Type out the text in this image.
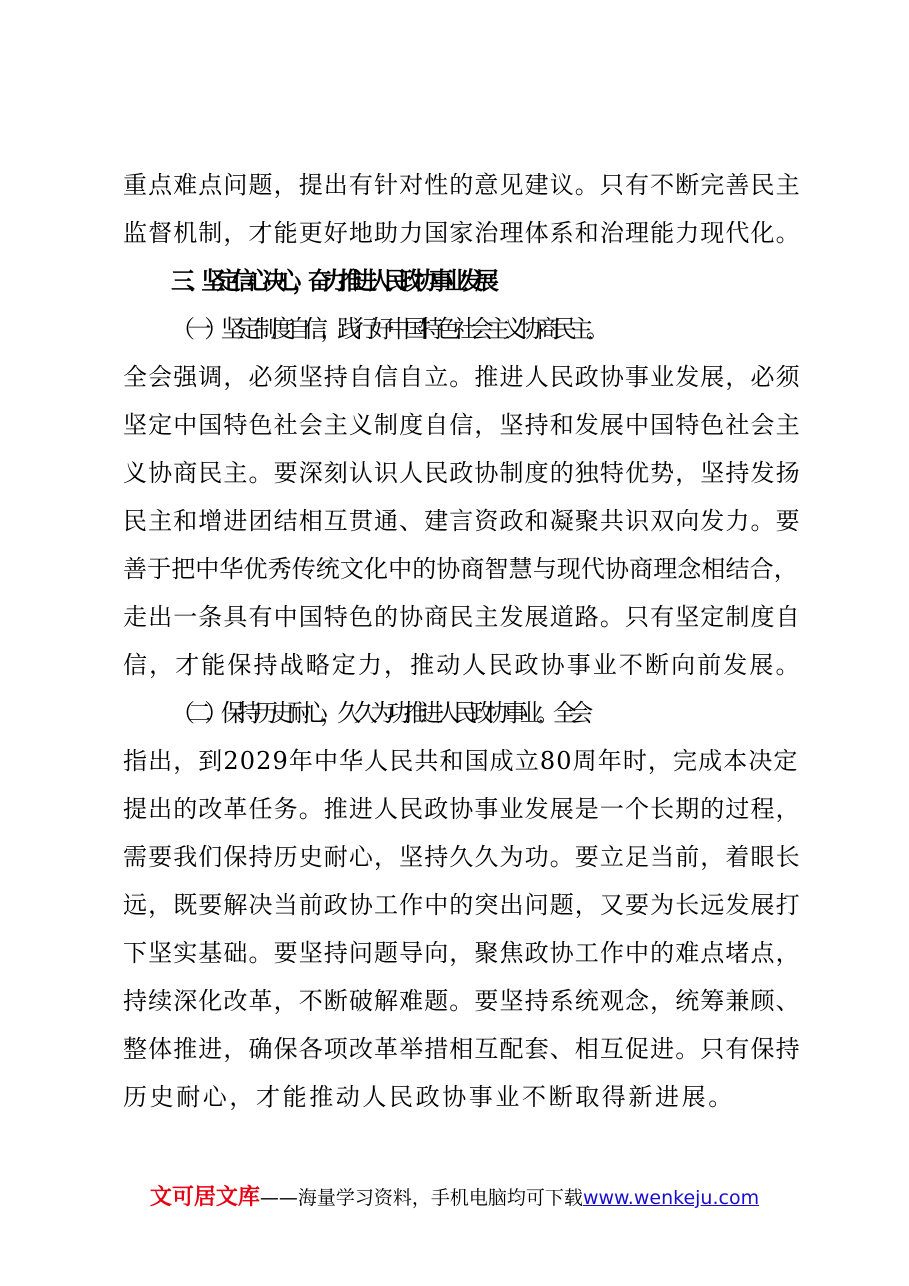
重点难点问题，提出有针对性的意见建议。只有不断完善民主
监督机制，才能更好地助力国家治理体系和治理能力现代化。
三、坚定信心决心，奋力推进人民政协事业发展
（一）坚定制度自信，践行好中国特色社会主义协商民主。
全会强调，必须坚持自信自立。推进人民政协事业发展，必须
坚定中国特色社会主义制度自信，坚持和发展中国特色社会主
义协商民主。要深刻认识人民政协制度的独特优势，坚持发扬
民主和增进团结相互贯通、建言资政和凝聚共识双向发力。要
善于把中华优秀传统文化中的协商智慧与现代协商理念相结合，
走出一条具有中国特色的协商民主发展道路。只有坚定制度自
信，才能保持战略定力，推动人民政协事业不断向前发展。
（二）保持历史耐心，久久为功推进人民政协事业。全会
指出，到2029年中华人民共和国成立80周年时，完成本决定
提出的改革任务。推进人民政协事业发展是一个长期的过程，
需要我们保持历史耐心，坚持久久为功。要立足当前，着眼长
远，既要解决当前政协工作中的突出问题，又要为长远发展打
下坚实基础。要坚持问题导向，聚焦政协工作中的难点堵点，
持续深化改革，不断破解难题。要坚持系统观念，统筹兼顾、
整体推进，确保各项改革举措相互配套、相互促进。只有保持
历史耐心，才能推动人民政协事业不断取得新进展。
文可居文库——海量学习资料，手机电脑均可下载www.wenkeju.com
